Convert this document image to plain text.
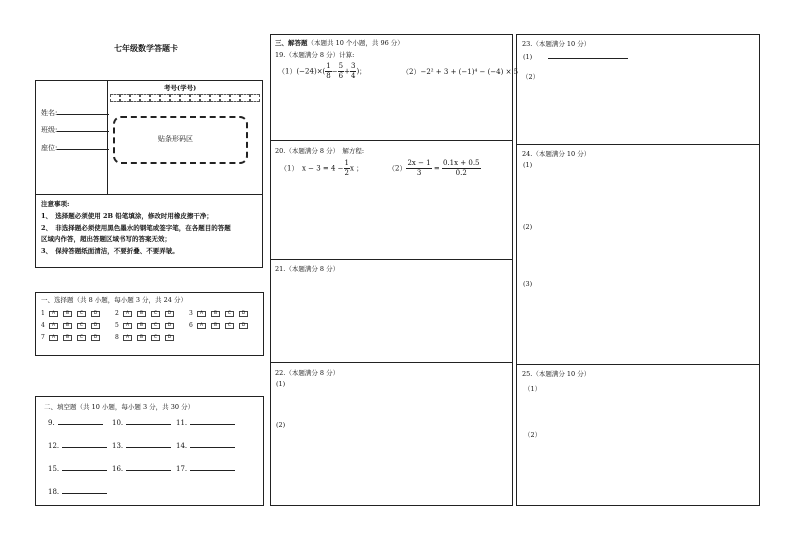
七年级数学答题卡
姓名:
班级:
座位:
考号(学号)
贴条形码区
注意事项:
1、　选择题必须使用 2B 铅笔填涂，修改时用橡皮擦干净；
2、　非选择题必须使用黑色墨水的钢笔或签字笔，在各题目的答题
区域内作答，超出答题区域书写的答案无效；
3、　保持答题纸面清洁，不要折叠、不要弄皱。
一、选择题（共 8 小题，每小题 3 分，共 24 分）
1	A	B	C	D	2	A	B	C	D	3	A	B	C	D
4	A	B	C	D	5	A	B	C	D	6	A	B	C	D
7	A	B	C	D	8	A	B	C	D
二、填空题（共 10 小题，每小题 3 分，共 30 分）
9.	10.	11.
12.	13.	14.
15.	16.	17.
18.
三、解答题（本题共 10 个小题，共 96 分）
19.（本题满分 8 分）计算:
$(1)(-24)\times( \frac{1}{8} - \frac{5}{6} + \frac{3}{4}$ )；	（2）−2² + 3 + (−1)⁴ − (−4) × 5
20.（本题满分 8 分）　解方程:
（1）　$x - 3 = 4 - \frac{1}{2}$ x ；	$(2) \frac{2x - 1}{3} = \frac{0.1x + 0.5}{0.2}$
21.（本题满分 8 分）
22.（本题满分 8 分）
(1)
(2)
23.（本题满分 10 分）
(1)
（2）
24.（本题满分 10 分）
(1)
(2)
(3)
25.（本题满分 10 分）
（1）
（2）
